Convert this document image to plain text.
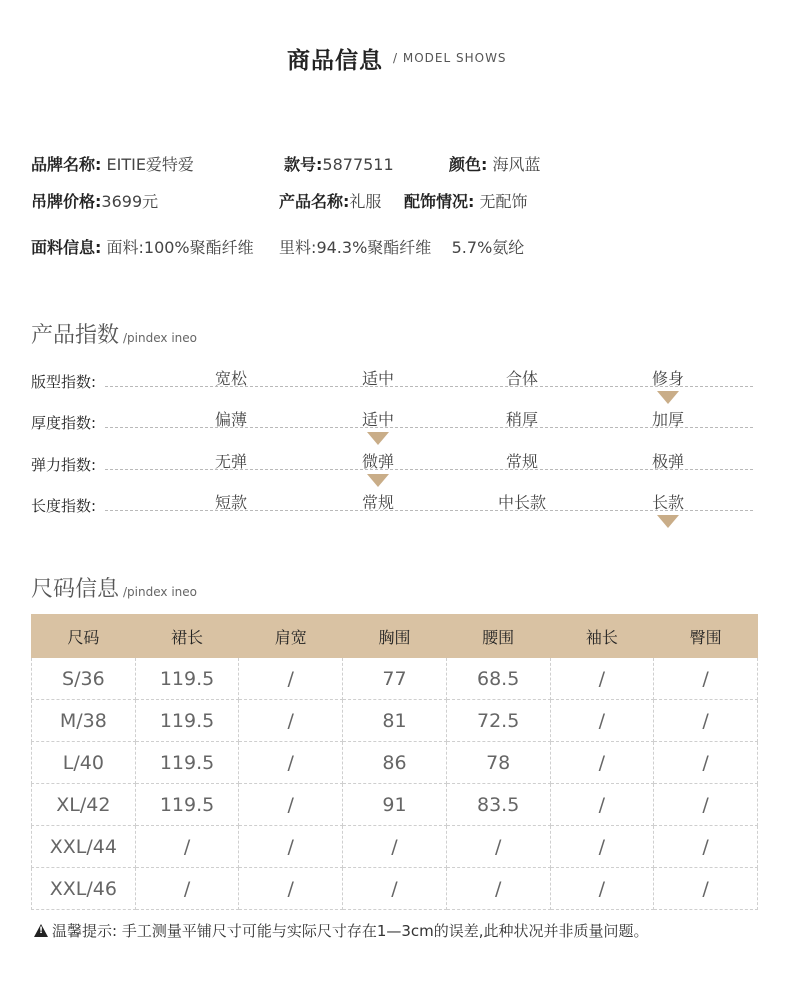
商品信息 / MODEL SHOWS
品牌名称: EITIE爱特爱	款号:5877511	颜色: 海风蓝
吊牌价格:3699元	产品名称:礼服 配饰情况: 无配饰
面料信息: 面料:100%聚酯纤维     里料:94.3%聚酯纤维    5.7%氨纶
产品指数 /pindex ineo
版型指数:	宽松	适中	合体	修身
厚度指数:	偏薄	适中	稍厚	加厚
弹力指数:	无弹	微弹	常规	极弹
长度指数:	短款	常规	中长款	长款
尺码信息 /pindex ineo
尺码	裙长	肩宽	胸围	腰围	袖长	臀围
S/36	119.5	/	77	68.5	/	/
M/38	119.5	/	81	72.5	/	/
L/40	119.5	/	86	78	/	/
XL/42	119.5	/	91	83.5	/	/
XXL/44	/	/	/	/	/	/
XXL/46	/	/	/	/	/	/
!温馨提示: 手工测量平铺尺寸可能与实际尺寸存在1—3cm的误差,此种状况并非质量问题。
